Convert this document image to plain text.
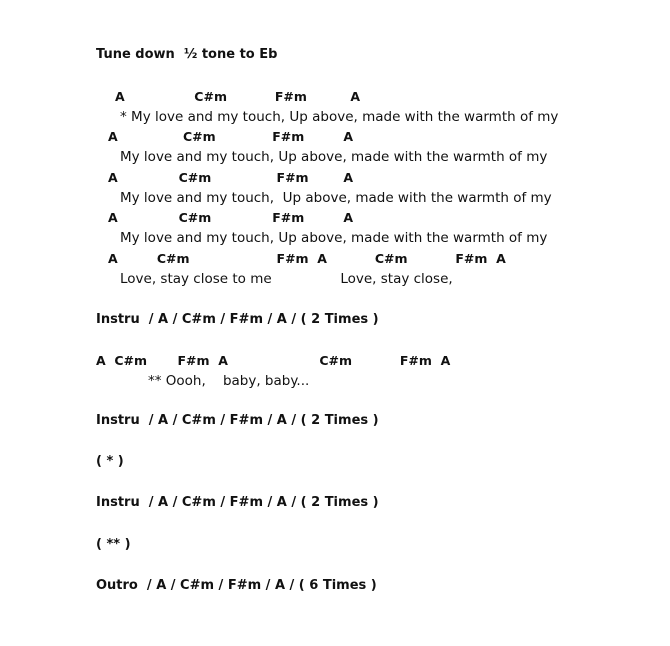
Tune down  ½ tone to Eb
A                C#m           F#m          A
* My love and my touch, Up above, made with the warmth of my
A               C#m             F#m         A
My love and my touch, Up above, made with the warmth of my
A              C#m               F#m        A
My love and my touch,  Up above, made with the warmth of my
A              C#m              F#m         A
My love and my touch, Up above, made with the warmth of my
A         C#m                    F#m  A           C#m           F#m  A
Love, stay close to me                Love, stay close,
Instru  / A / C#m / F#m / A / ( 2 Times )
A  C#m       F#m  A                     C#m           F#m  A
** Oooh,    baby, baby...
Instru  / A / C#m / F#m / A / ( 2 Times )
( * )
Instru  / A / C#m / F#m / A / ( 2 Times )
( ** )
Outro  / A / C#m / F#m / A / ( 6 Times )
